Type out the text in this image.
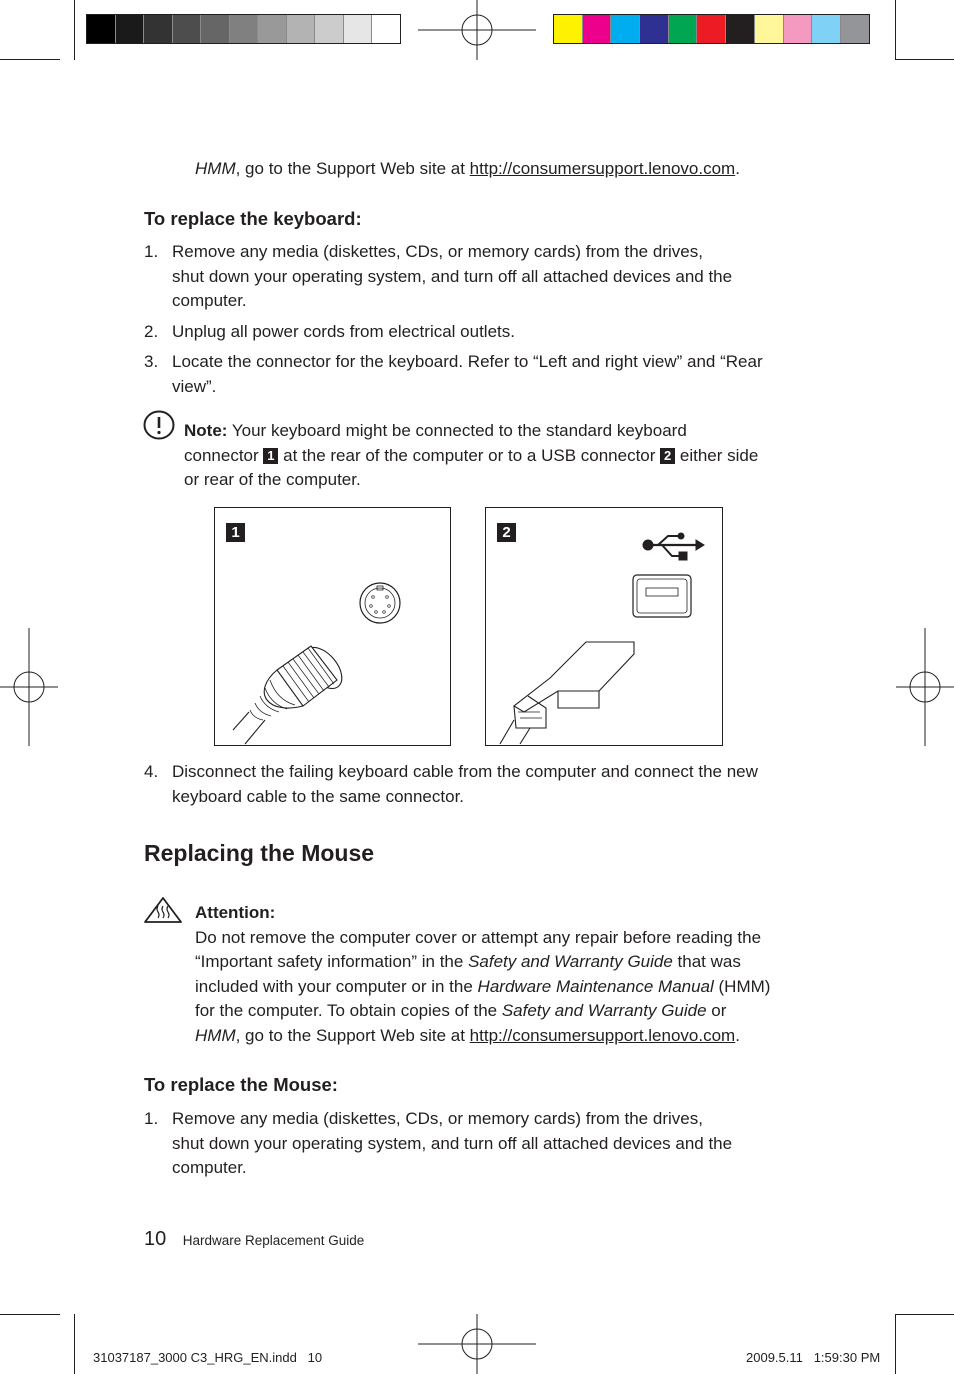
HMM, go to the Support Web site at http://consumersupport.lenovo.com.
To replace the keyboard:
1. Remove any media (diskettes, CDs, or memory cards) from the drives,
shut down your operating system, and turn off all attached devices and the
computer.
2. Unplug all power cords from electrical outlets.
3. Locate the connector for the keyboard. Refer to “Left and right view” and “Rear
view”.
Note: Your keyboard might be connected to the standard keyboard
connector 1 at the rear of the computer or to a USB connector 2 either side
or rear of the computer.
1	2
4. Disconnect the failing keyboard cable from the computer and connect the new
keyboard cable to the same connector.
Replacing the Mouse
Attention:
Do not remove the computer cover or attempt any repair before reading the
“Important safety information” in the Safety and Warranty Guide that was
included with your computer or in the Hardware Maintenance Manual (HMM)
for the computer. To obtain copies of the Safety and Warranty Guide or
HMM, go to the Support Web site at http://consumersupport.lenovo.com.
To replace the Mouse:
1. Remove any media (diskettes, CDs, or memory cards) from the drives,
shut down your operating system, and turn off all attached devices and the
computer.
10 Hardware Replacement Guide
31037187_3000 C3_HRG_EN.indd   10	2009.5.11   1:59:30 PM
